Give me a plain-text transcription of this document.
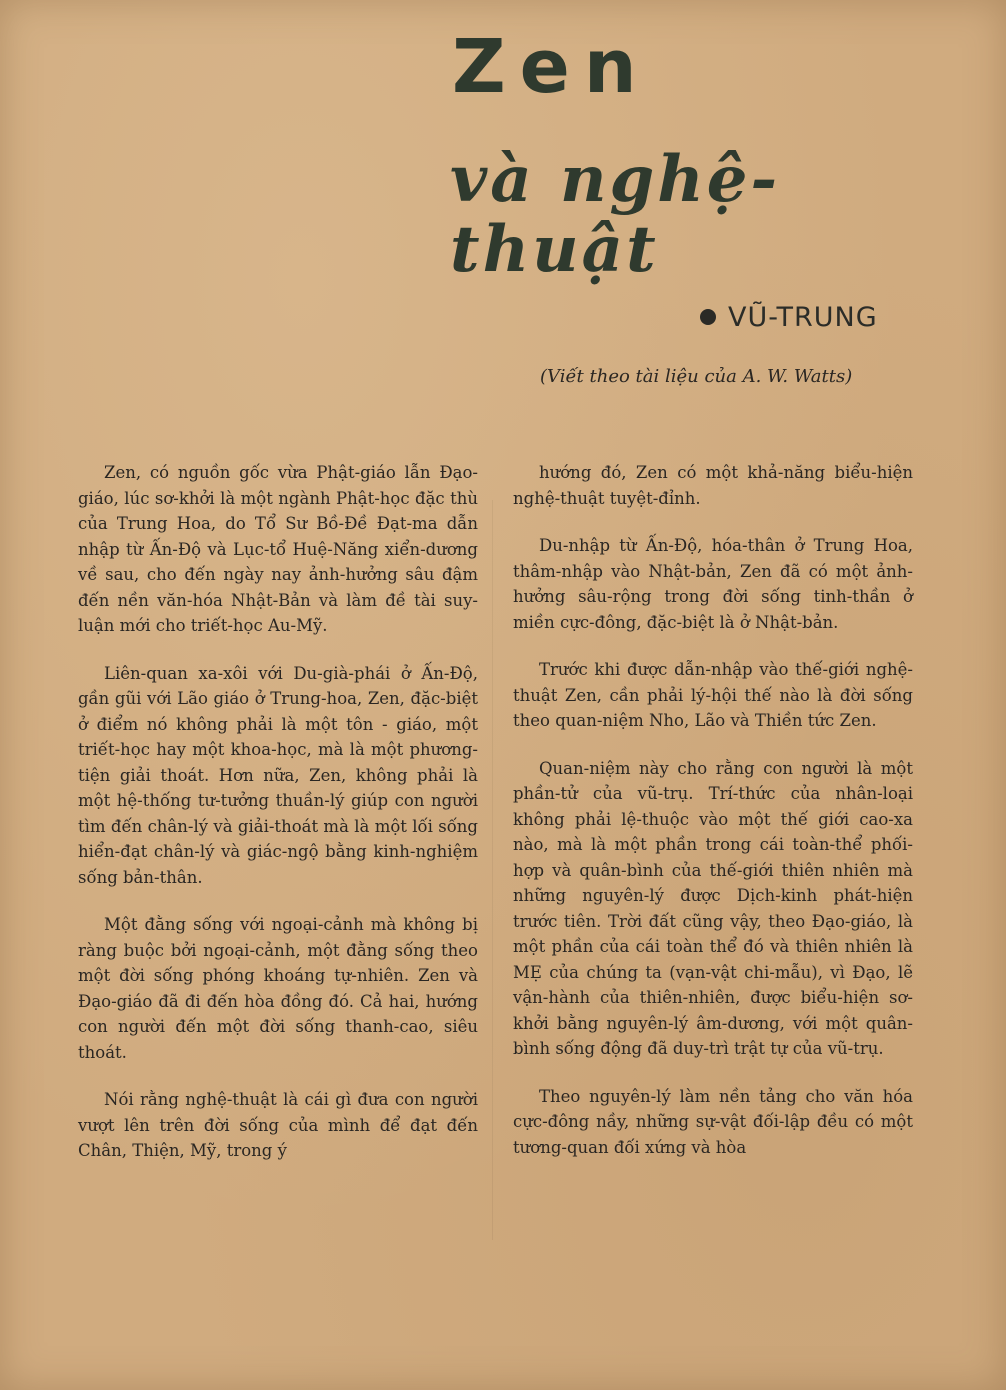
Zen
và nghệ-thuật
VŨ-TRUNG
(Viết theo tài liệu của A. W. Watts)

Zen, có nguồn gốc vừa Phật-giáo lẫn Đạo-giáo, lúc sơ-khởi là một ngành Phật-học đặc thù của Trung Hoa, do Tổ Sư Bồ-Đề Đạt-ma dẫn nhập từ Ấn-Độ và Lục-tổ Huệ-Năng xiển-dương về sau, cho đến ngày nay ảnh-hưởng sâu đậm đến nền văn-hóa Nhật-Bản và làm đề tài suy-luận mới cho triết-học Au-Mỹ.

Liên-quan xa-xôi với Du-già-phái ở Ấn-Độ, gần gũi với Lão giáo ở Trung-hoa, Zen, đặc-biệt ở điểm nó không phải là một tôn - giáo, một triết-học hay một khoa-học, mà là một phương-tiện giải thoát. Hơn nữa, Zen, không phải là một hệ-thống tư-tưởng thuần-lý giúp con người tìm đến chân-lý và giải-thoát mà là một lối sống hiển-đạt chân-lý và giác-ngộ bằng kinh-nghiệm sống bản-thân.

Một đằng sống với ngoại-cảnh mà không bị ràng buộc bởi ngoại-cảnh, một đằng sống theo một đời sống phóng khoáng tự-nhiên. Zen và Đạo-giáo đã đi đến hòa đồng đó. Cả hai, hướng con người đến một đời sống thanh-cao, siêu thoát.

Nói rằng nghệ-thuật là cái gì đưa con người vượt lên trên đời sống của mình để đạt đến Chân, Thiện, Mỹ, trong ý

hướng đó, Zen có một khả-năng biểu-hiện nghệ-thuật tuyệt-đỉnh.

Du-nhập từ Ấn-Độ, hóa-thân ở Trung Hoa, thâm-nhập vào Nhật-bản, Zen đã có một ảnh-hưởng sâu-rộng trong đời sống tinh-thần ở miền cực-đông, đặc-biệt là ở Nhật-bản.

Trước khi được dẫn-nhập vào thế-giới nghệ-thuật Zen, cần phải lý-hội thế nào là đời sống theo quan-niệm Nho, Lão và Thiền tức Zen.

Quan-niệm này cho rằng con người là một phần-tử của vũ-trụ. Trí-thức của nhân-loại không phải lệ-thuộc vào một thế giới cao-xa nào, mà là một phần trong cái toàn-thể phối-hợp và quân-bình của thế-giới thiên nhiên mà những nguyên-lý được Dịch-kinh phát-hiện trước tiên. Trời đất cũng vậy, theo Đạo-giáo, là một phần của cái toàn thể đó và thiên nhiên là MẸ của chúng ta (vạn-vật chi-mẫu), vì Đạo, lẽ vận-hành của thiên-nhiên, được biểu-hiện sơ-khởi bằng nguyên-lý âm-dương, với một quân-bình sống động đã duy-trì trật tự của vũ-trụ.

Theo nguyên-lý làm nền tảng cho văn hóa cực-đông nầy, những sự-vật đối-lập đều có một tương-quan đối xứng và hòa
